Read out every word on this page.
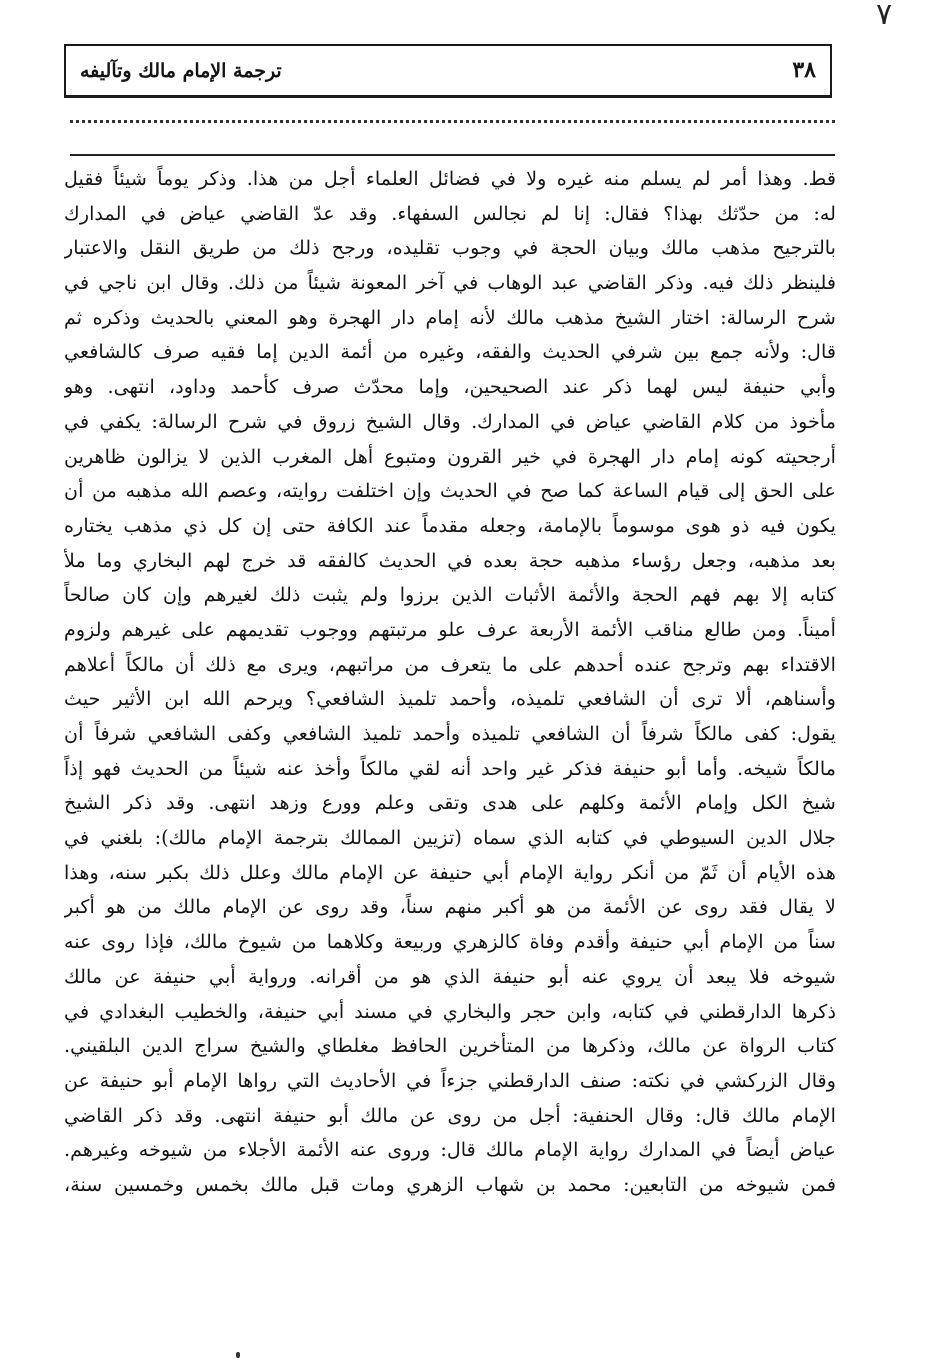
٧
ترجمة الإمام مالك وتآليفه	٣٨
قط. وهذا أمر لم يسلم منه غيره ولا في فضائل العلماء أجل من هذا. وذكر يوماً شيئاً فقيل
له: من حدّثك بهذا؟ فقال: إنا لم نجالس السفهاء. وقد عدّ القاضي عياض في المدارك
بالترجيح مذهب مالك وبيان الحجة في وجوب تقليده، ورجح ذلك من طريق النقل والاعتبار
فلينظر ذلك فيه. وذكر القاضي عبد الوهاب في آخر المعونة شيئاً من ذلك. وقال ابن ناجي في
شرح الرسالة: اختار الشيخ مذهب مالك لأنه إمام دار الهجرة وهو المعني بالحديث وذكره ثم
قال: ولأنه جمع بين شرفي الحديث والفقه، وغيره من أئمة الدين إما فقيه صرف كالشافعي
وأبي حنيفة ليس لهما ذكر عند الصحيحين، وإما محدّث صرف كأحمد وداود، انتهى. وهو
مأخوذ من كلام القاضي عياض في المدارك. وقال الشيخ زروق في شرح الرسالة: يكفي في
أرجحيته كونه إمام دار الهجرة في خير القرون ومتبوع أهل المغرب الذين لا يزالون ظاهرين
على الحق إلى قيام الساعة كما صح في الحديث وإن اختلفت روايته، وعصم الله مذهبه من أن
يكون فيه ذو هوى موسوماً بالإمامة، وجعله مقدماً عند الكافة حتى إن كل ذي مذهب يختاره
بعد مذهبه، وجعل رؤساء مذهبه حجة بعده في الحديث كالفقه قد خرج لهم البخاري وما ملأ
كتابه إلا بهم فهم الحجة والأئمة الأثبات الذين برزوا ولم يثبت ذلك لغيرهم وإن كان صالحاً
أميناً. ومن طالع مناقب الأئمة الأربعة عرف علو مرتبتهم ووجوب تقديمهم على غيرهم ولزوم
الاقتداء بهم وترجح عنده أحدهم على ما يتعرف من مراتبهم، ويرى مع ذلك أن مالكاً أعلاهم
وأسناهم، ألا ترى أن الشافعي تلميذه، وأحمد تلميذ الشافعي؟ ويرحم الله ابن الأثير حيث
يقول: كفى مالكاً شرفاً أن الشافعي تلميذه وأحمد تلميذ الشافعي وكفى الشافعي شرفاً أن
مالكاً شيخه. وأما أبو حنيفة فذكر غير واحد أنه لقي مالكاً وأخذ عنه شيئاً من الحديث فهو إذاً
شيخ الكل وإمام الأئمة وكلهم على هدى وتقى وعلم وورع وزهد انتهى. وقد ذكر الشيخ
جلال الدين السيوطي في كتابه الذي سماه (تزيين الممالك بترجمة الإمام مالك): بلغني في
هذه الأيام أن ثَمّ من أنكر رواية الإمام أبي حنيفة عن الإمام مالك وعلل ذلك بكبر سنه، وهذا
لا يقال فقد روى عن الأئمة من هو أكبر منهم سناً، وقد روى عن الإمام مالك من هو أكبر
سناً من الإمام أبي حنيفة وأقدم وفاة كالزهري وربيعة وكلاهما من شيوخ مالك، فإذا روى عنه
شيوخه فلا يبعد أن يروي عنه أبو حنيفة الذي هو من أقرانه. ورواية أبي حنيفة عن مالك
ذكرها الدارقطني في كتابه، وابن حجر والبخاري في مسند أبي حنيفة، والخطيب البغدادي في
كتاب الرواة عن مالك، وذكرها من المتأخرين الحافظ مغلطاي والشيخ سراج الدين البلقيني.
وقال الزركشي في نكته: صنف الدارقطني جزءاً في الأحاديث التي رواها الإمام أبو حنيفة عن
الإمام مالك قال: وقال الحنفية: أجل من روى عن مالك أبو حنيفة انتهى. وقد ذكر القاضي
عياض أيضاً في المدارك رواية الإمام مالك قال: وروى عنه الأئمة الأجلاء من شيوخه وغيرهم.
فمن شيوخه من التابعين: محمد بن شهاب الزهري ومات قبل مالك بخمس وخمسين سنة،
